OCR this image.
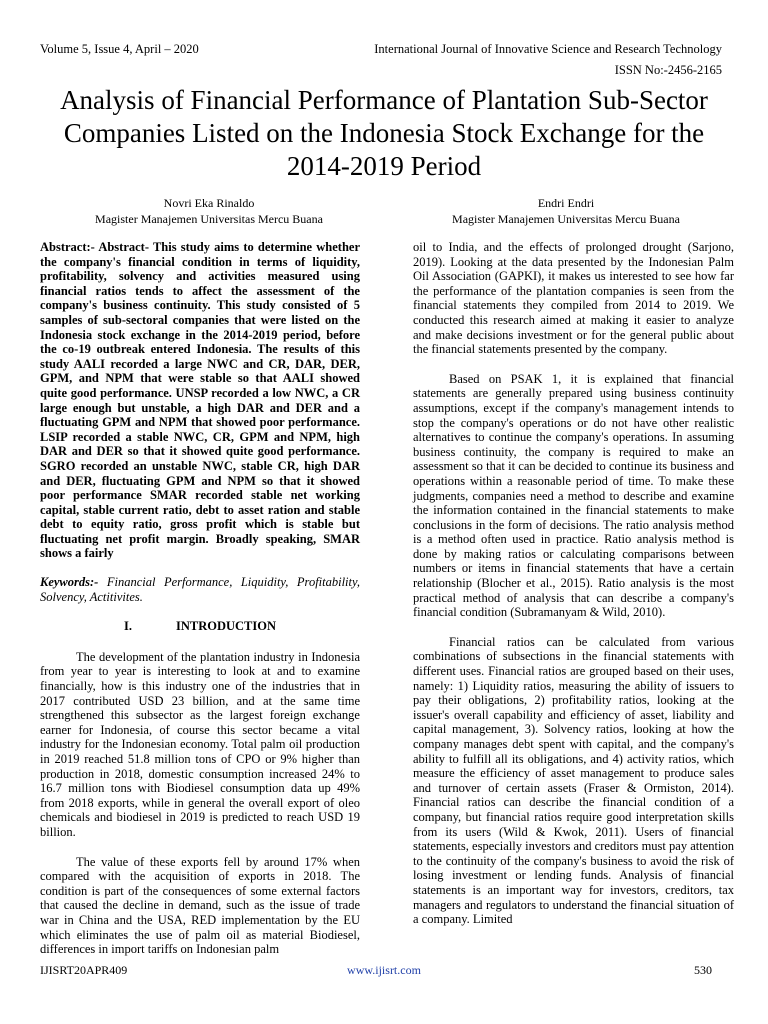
Volume 5, Issue 4, April – 2020	International Journal of Innovative Science and Research Technology
ISSN No:-2456-2165
Analysis of Financial Performance of Plantation Sub-Sector Companies Listed on the Indonesia Stock Exchange for the 2014-2019 Period
Novri Eka Rinaldo
Magister Manajemen Universitas Mercu Buana
Endri Endri
Magister Manajemen Universitas Mercu Buana

Abstract:- Abstract- This study aims to determine whether the company's financial condition in terms of liquidity, profitability, solvency and activities measured using financial ratios tends to affect the assessment of the company's business continuity. This study consisted of 5 samples of sub-sectoral companies that were listed on the Indonesia stock exchange in the 2014-2019 period, before the co-19 outbreak entered Indonesia. The results of this study AALI recorded a large NWC and CR, DAR, DER, GPM, and NPM that were stable so that AALI showed quite good performance. UNSP recorded a low NWC, a CR large enough but unstable, a high DAR and DER and a fluctuating GPM and NPM that showed poor performance. LSIP recorded a stable NWC, CR, GPM and NPM, high DAR and DER so that it showed quite good performance. SGRO recorded an unstable NWC, stable CR, high DAR and DER, fluctuating GPM and NPM so that it showed poor performance SMAR recorded stable net working capital, stable current ratio, debt to asset ration and stable debt to equity ratio, gross profit which is stable but fluctuating net profit margin. Broadly speaking, SMAR shows a fairly

Keywords:- Financial Performance, Liquidity, Profitability, Solvency, Actitivites.

I.	INTRODUCTION

The development of the plantation industry in Indonesia from year to year is interesting to look at and to examine financially, how is this industry one of the industries that in 2017 contributed USD 23 billion, and at the same time strengthened this subsector as the largest foreign exchange earner for Indonesia, of course this sector became a vital industry for the Indonesian economy. Total palm oil production in 2019 reached 51.8 million tons of CPO or 9% higher than production in 2018, domestic consumption increased 24% to 16.7 million tons with Biodiesel consumption data up 49% from 2018 exports, while in general the overall export of oleo chemicals and biodiesel in 2019 is predicted to reach USD 19 billion.

The value of these exports fell by around 17% when compared with the acquisition of exports in 2018. The condition is part of the consequences of some external factors that caused the decline in demand, such as the issue of trade war in China and the USA, RED implementation by the EU which eliminates the use of palm oil as material Biodiesel, differences in import tariffs on Indonesian palm

oil to India, and the effects of prolonged drought (Sarjono, 2019). Looking at the data presented by the Indonesian Palm Oil Association (GAPKI), it makes us interested to see how far the performance of the plantation companies is seen from the financial statements they compiled from 2014 to 2019. We conducted this research aimed at making it easier to analyze and make decisions investment or for the general public about the financial statements presented by the company.

Based on PSAK 1, it is explained that financial statements are generally prepared using business continuity assumptions, except if the company's management intends to stop the company's operations or do not have other realistic alternatives to continue the company's operations. In assuming business continuity, the company is required to make an assessment so that it can be decided to continue its business and operations within a reasonable period of time. To make these judgments, companies need a method to describe and examine the information contained in the financial statements to make conclusions in the form of decisions. The ratio analysis method is a method often used in practice. Ratio analysis method is done by making ratios or calculating comparisons between numbers or items in financial statements that have a certain relationship (Blocher et al., 2015). Ratio analysis is the most practical method of analysis that can describe a company's financial condition (Subramanyam & Wild, 2010).

Financial ratios can be calculated from various combinations of subsections in the financial statements with different uses. Financial ratios are grouped based on their uses, namely: 1) Liquidity ratios, measuring the ability of issuers to pay their obligations, 2) profitability ratios, looking at the issuer's overall capability and efficiency of asset, liability and capital management, 3). Solvency ratios, looking at how the company manages debt spent with capital, and the company's ability to fulfill all its obligations, and 4) activity ratios, which measure the efficiency of asset management to produce sales and turnover of certain assets (Fraser & Ormiston, 2014). Financial ratios can describe the financial condition of a company, but financial ratios require good interpretation skills from its users (Wild & Kwok, 2011). Users of financial statements, especially investors and creditors must pay attention to the continuity of the company's business to avoid the risk of losing investment or lending funds. Analysis of financial statements is an important way for investors, creditors, tax managers and regulators to understand the financial situation of a company. Limited

IJISRT20APR409	www.ijisrt.com	530
